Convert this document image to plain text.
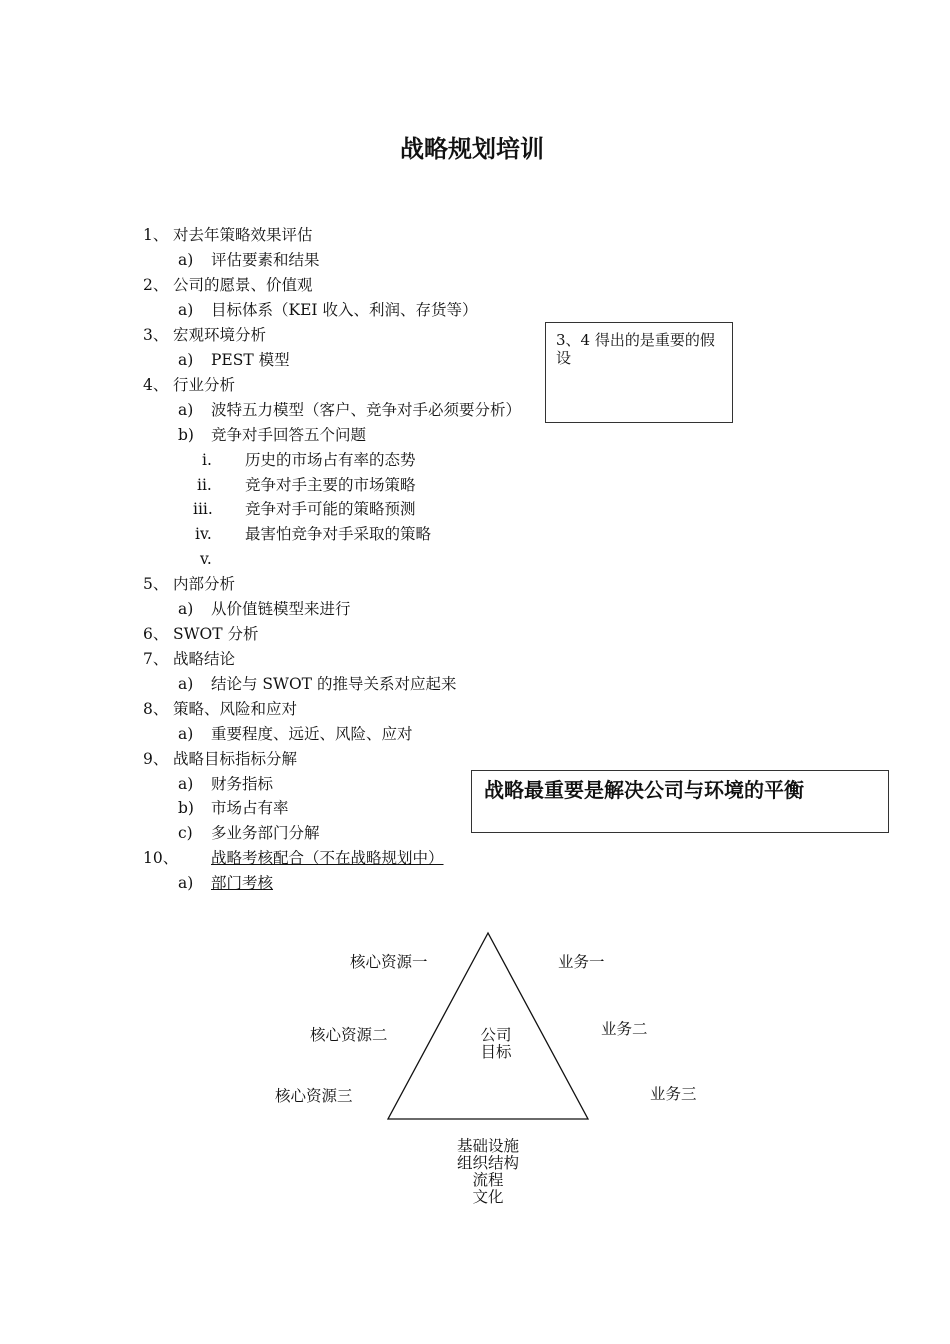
战略规划培训
1、 对去年策略效果评估
a) 评估要素和结果
2、 公司的愿景、价值观
a) 目标体系（KEI 收入、利润、存货等）
3、 宏观环境分析
a) PEST 模型
4、 行业分析
a) 波特五力模型（客户、竞争对手必须要分析）
b) 竞争对手回答五个问题
i. 历史的市场占有率的态势
ii. 竞争对手主要的市场策略
iii. 竞争对手可能的策略预测
iv. 最害怕竞争对手采取的策略
v.
5、 内部分析
a) 从价值链模型来进行
6、 SWOT 分析
7、 战略结论
a) 结论与 SWOT 的推导关系对应起来
8、 策略、风险和应对
a) 重要程度、远近、风险、应对
9、 战略目标指标分解
a) 财务指标
b) 市场占有率
c) 多业务部门分解
10、 战略考核配合（不在战略规划中）
a) 部门考核
3、4 得出的是重要的假设
战略最重要是解决公司与环境的平衡
核心资源一
核心资源二
核心资源三
业务一
业务二
业务三
公司
目标
基础设施
组织结构
流程
文化
